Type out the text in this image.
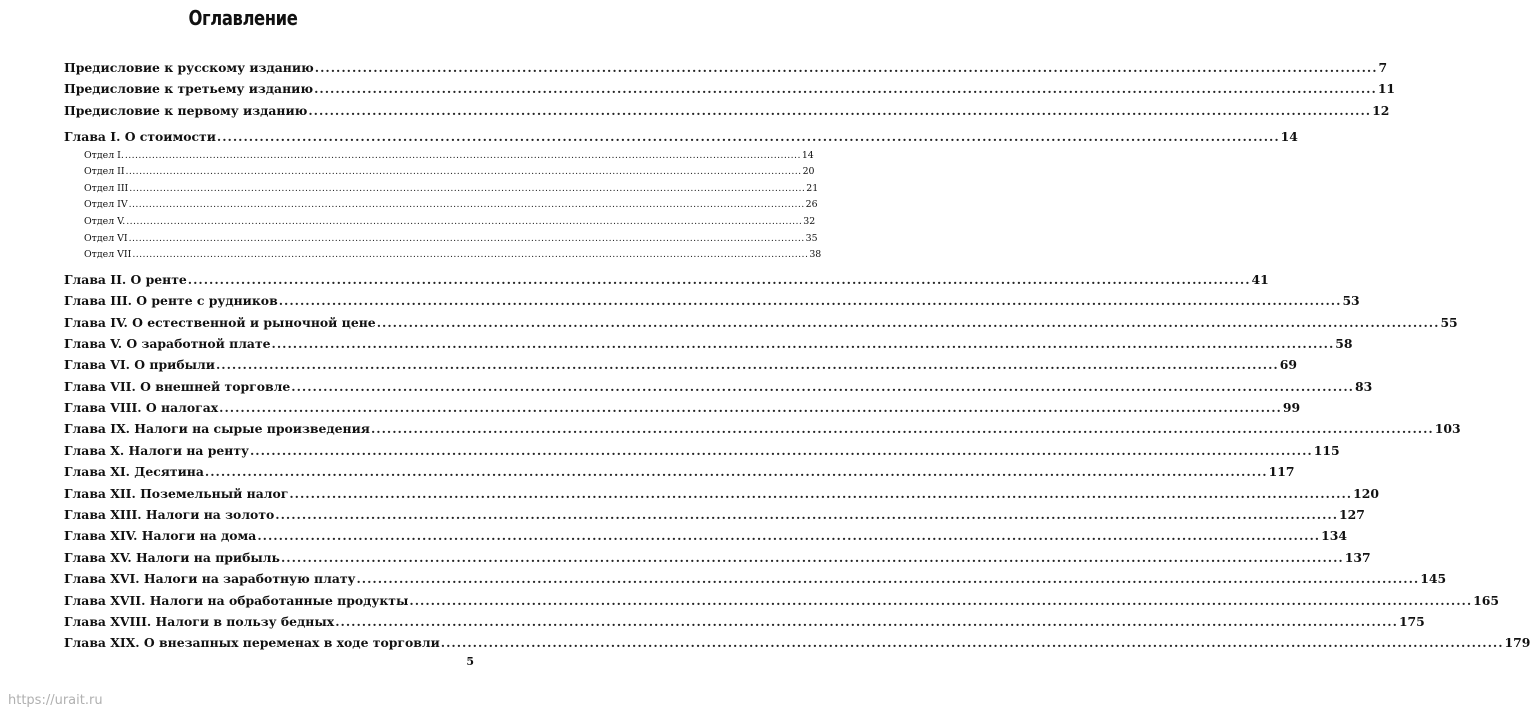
Оглавление
Предисловие к русскому изданию ........................................................................................................................................................................................................ 7
Предисловие к третьему изданию ........................................................................................................................................................................................................ 11
Предисловие к первому изданию ........................................................................................................................................................................................................ 12
Глава I. О стоимости ........................................................................................................................................................................................................ 14
Отдел I. ........................................................................................................................................................................................................ 14
Отдел II ........................................................................................................................................................................................................ 20
Отдел III ........................................................................................................................................................................................................ 21
Отдел IV ........................................................................................................................................................................................................ 26
Отдел V. ........................................................................................................................................................................................................ 32
Отдел VI ........................................................................................................................................................................................................ 35
Отдел VII ........................................................................................................................................................................................................ 38
Глава II. О ренте ........................................................................................................................................................................................................ 41
Глава III. О ренте с рудников ........................................................................................................................................................................................................ 53
Глава IV. О естественной и рыночной цене ........................................................................................................................................................................................................ 55
Глава V. О заработной плате ........................................................................................................................................................................................................ 58
Глава VI. О прибыли ........................................................................................................................................................................................................ 69
Глава VII. О внешней торговле ........................................................................................................................................................................................................ 83
Глава VIII. О налогах ........................................................................................................................................................................................................ 99
Глава IX. Налоги на сырые произведения ........................................................................................................................................................................................................ 103
Глава X. Налоги на ренту ........................................................................................................................................................................................................ 115
Глава XI. Десятина ........................................................................................................................................................................................................ 117
Глава XII. Поземельный налог ........................................................................................................................................................................................................ 120
Глава XIII. Налоги на золото ........................................................................................................................................................................................................ 127
Глава XIV. Налоги на дома ........................................................................................................................................................................................................ 134
Глава XV. Налоги на прибыль ........................................................................................................................................................................................................ 137
Глава XVI. Налоги на заработную плату ........................................................................................................................................................................................................ 145
Глава XVII. Налоги на обработанные продукты ........................................................................................................................................................................................................ 165
Глава XVIII. Налоги в пользу бедных ........................................................................................................................................................................................................ 175
Глава XIX. О внезапных переменах в ходе торговли ........................................................................................................................................................................................................ 179
5
https://urait.ru
